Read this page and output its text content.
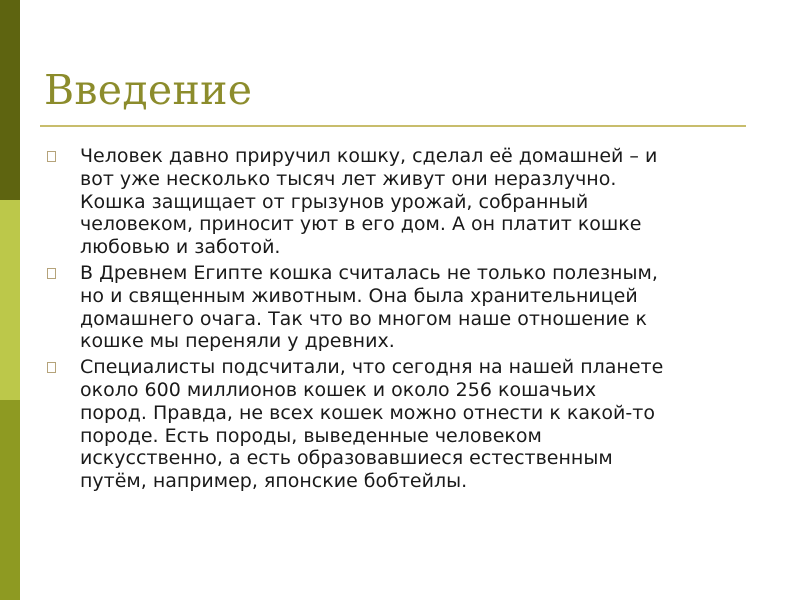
Введение
Человек давно приручил кошку, сделал её домашней – и
вот уже несколько тысяч лет живут они неразлучно.
Кошка защищает от грызунов урожай, собранный
человеком, приносит уют в его дом. А он платит кошке
любовью и заботой.
В Древнем Египте кошка считалась не только полезным,
но и священным животным. Она была хранительницей
домашнего очага. Так что во многом наше отношение к
кошке мы переняли у древних.
Специалисты подсчитали, что сегодня на нашей планете
около 600 миллионов кошек и около 256 кошачьих
пород. Правда, не всех кошек можно отнести к какой-то
породе. Есть породы, выведенные человеком
искусственно, а есть образовавшиеся естественным
путём, например, японские бобтейлы.
